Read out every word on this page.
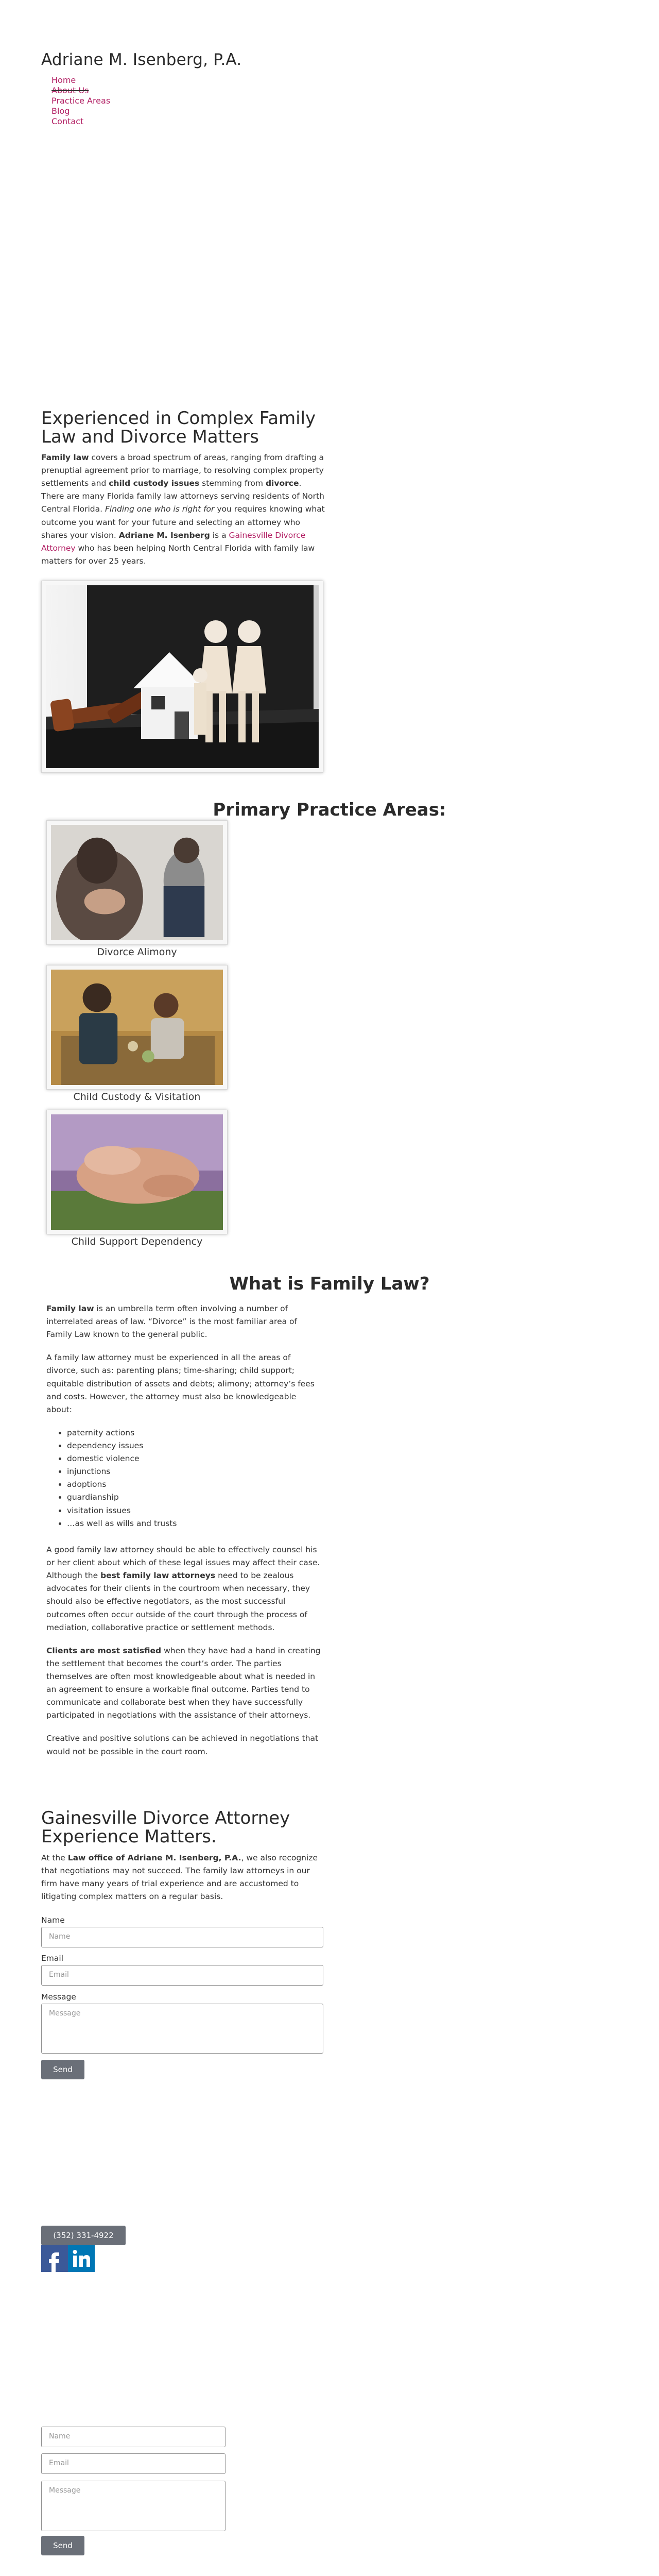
Adriane M. Isenberg, P.A.
Home
About Us
Practice Areas
Blog
Contact
Experienced in Complex Family Law and Divorce Matters

Family law covers a broad spectrum of areas, ranging from drafting a prenuptial agreement prior to marriage, to resolving complex property settlements and child custody issues stemming from divorce. There are many Florida family law attorneys serving residents of North Central Florida. Finding one who is right for you requires knowing what outcome you want for your future and selecting an attorney who shares your vision. Adriane M. Isenberg is a Gainesville Divorce Attorney who has been helping North Central Florida with family law matters for over 25 years.

Primary Practice Areas:
Divorce Alimony
Child Custody & Visitation
Child Support Dependency
What is Family Law?

Family law is an umbrella term often involving a number of interrelated areas of law. “Divorce” is the most familiar area of Family Law known to the general public.

A family law attorney must be experienced in all the areas of divorce, such as: parenting plans; time-sharing; child support; equitable distribution of assets and debts; alimony; attorney’s fees and costs. However, the attorney must also be knowledgeable about:

• paternity actions
• dependency issues
• domestic violence
• injunctions
• adoptions
• guardianship
• visitation issues
• …as well as wills and trusts

A good family law attorney should be able to effectively counsel his or her client about which of these legal issues may affect their case. Although the best family law attorneys need to be zealous advocates for their clients in the courtroom when necessary, they should also be effective negotiators, as the most successful outcomes often occur outside of the court through the process of mediation, collaborative practice or settlement methods.

Clients are most satisfied when they have had a hand in creating the settlement that becomes the court’s order. The parties themselves are often most knowledgeable about what is needed in an agreement to ensure a workable final outcome. Parties tend to communicate and collaborate best when they have successfully participated in negotiations with the assistance of their attorneys.

Creative and positive solutions can be achieved in negotiations that would not be possible in the court room.

Gainesville Divorce Attorney Experience Matters.

At the Law office of Adriane M. Isenberg, P.A., we also recognize that negotiations may not succeed. The family law attorneys in our firm have many years of trial experience and are accustomed to litigating complex matters on a regular basis.

Name
Name
Email
Email
Message
Message
Send
(352) 331-4922
Name
Email
Message
Send
